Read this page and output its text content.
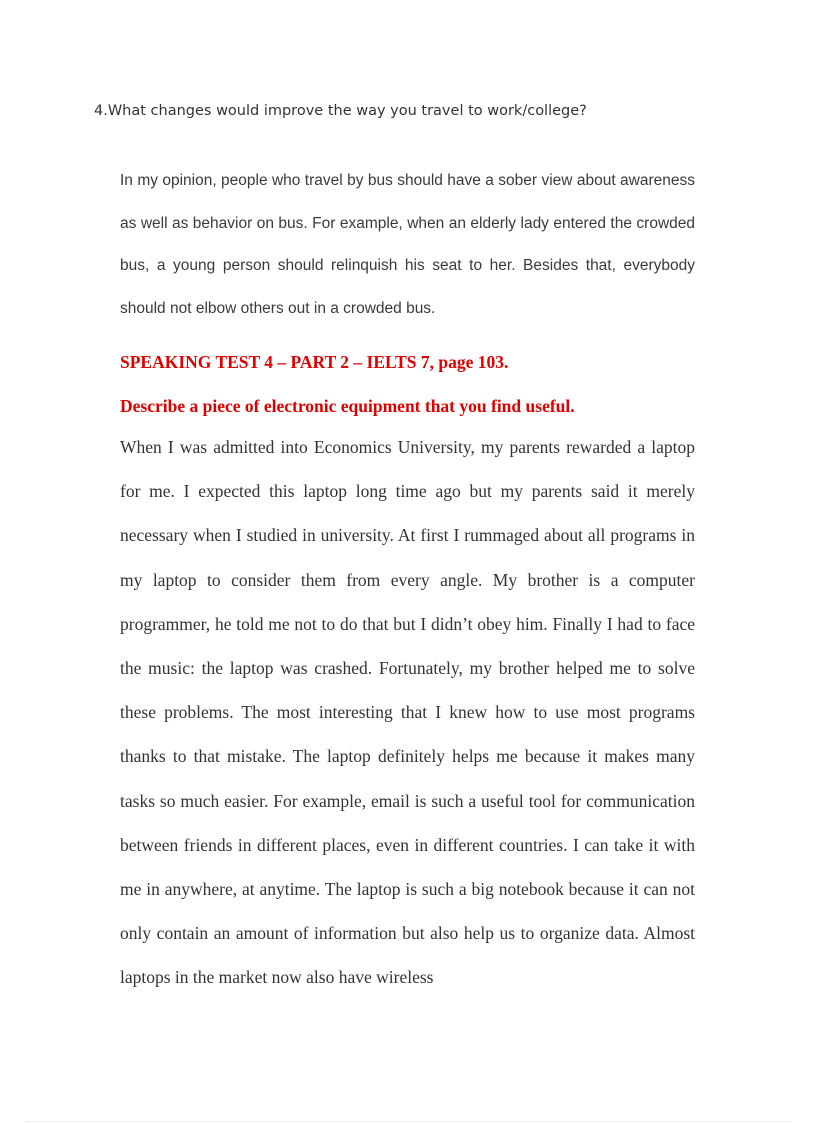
4.What changes would improve the way you travel to work/college?

In my opinion, people who travel by bus should have a sober view about awareness as well as behavior on bus. For example, when an elderly lady entered the crowded bus, a young person should relinquish his seat to her. Besides that, everybody should not elbow others out in a crowded bus.

SPEAKING TEST 4 – PART 2 – IELTS 7, page 103.

Describe a piece of electronic equipment that you find useful.

When I was admitted into Economics University, my parents rewarded a laptop for me. I expected this laptop long time ago but my parents said it merely necessary when I studied in university. At first I rummaged about all programs in my laptop to consider them from every angle. My brother is a computer programmer, he told me not to do that but I didn’t obey him. Finally I had to face the music: the laptop was crashed. Fortunately, my brother helped me to solve these problems. The most interesting that I knew how to use most programs thanks to that mistake. The laptop definitely helps me because it makes many tasks so much easier. For example, email is such a useful tool for communication between friends in different places, even in different countries. I can take it with me in anywhere, at anytime. The laptop is such a big notebook because it can not only contain an amount of information but also help us to organize data. Almost laptops in the market now also have wireless
